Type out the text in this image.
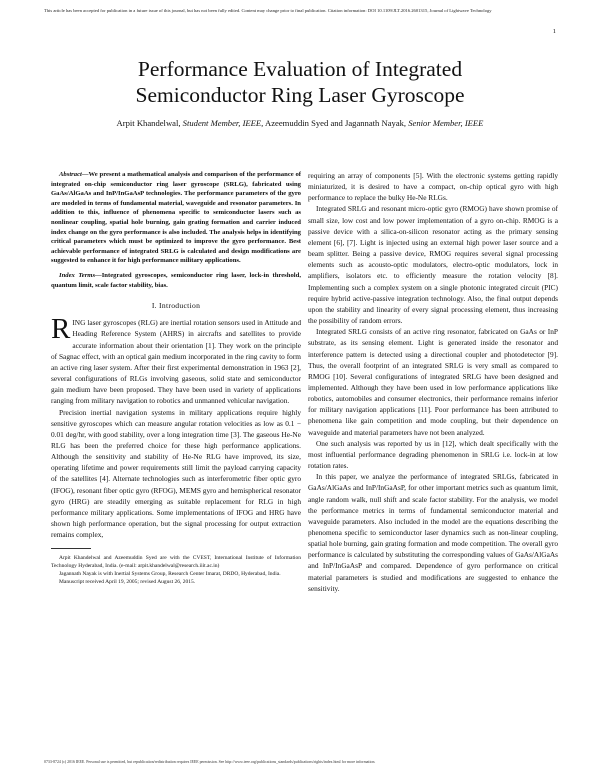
This article has been accepted for publication in a future issue of this journal, but has not been fully edited. Content may change prior to final publication. Citation information: DOI 10.1109/JLT.2016.2601315, Journal of Lightwave Technology
1
Performance Evaluation of Integrated
Semiconductor Ring Laser Gyroscope
Arpit Khandelwal, Student Member, IEEE, Azeemuddin Syed and Jagannath Nayak, Senior Member, IEEE

Abstract—We present a mathematical analysis and comparison of the performance of integrated on-chip semiconductor ring laser gyroscope (SRLG), fabricated using GaAs/AlGaAs and InP/InGaAsP technologies. The performance parameters of the gyro are modeled in terms of fundamental material, waveguide and resonator parameters. In addition to this, influence of phenomena specific to semiconductor lasers such as nonlinear coupling, spatial hole burning, gain grating formation and carrier induced index change on the gyro performance is also included. The analysis helps in identifying critical parameters which must be optimized to improve the gyro performance. Best achievable performance of integrated SRLG is calculated and design modifications are suggested to enhance it for high performance military applications.

Index Terms—Integrated gyroscopes, semiconductor ring laser, lock-in threshold, quantum limit, scale factor stability, bias.

I. Introduction

RING laser gyroscopes (RLG) are inertial rotation sensors used in Attitude and Heading Reference System (AHRS) in aircrafts and satellites to provide accurate information about their orientation [1]. They work on the principle of Sagnac effect, with an optical gain medium incorporated in the ring cavity to form an active ring laser system. After their first experimental demonstration in 1963 [2], several configurations of RLGs involving gaseous, solid state and semiconductor gain medium have been proposed. They have been used in variety of applications ranging from military navigation to robotics and unmanned vehicular navigation.

Precision inertial navigation systems in military applications require highly sensitive gyroscopes which can measure angular rotation velocities as low as 0.1 − 0.01 deg/hr, with good stability, over a long integration time [3]. The gaseous He-Ne RLG has been the preferred choice for these high performance applications. Although the sensitivity and stability of He-Ne RLG have improved, its size, operating lifetime and power requirements still limit the payload carrying capacity of the satellites [4]. Alternate technologies such as interferometric fiber optic gyro (IFOG), resonant fiber optic gyro (RFOG), MEMS gyro and hemispherical resonator gyro (HRG) are steadily emerging as suitable replacement for RLG in high performance military applications. Some implementations of IFOG and HRG have shown high performance operation, but the signal processing for output extraction remains complex,

Arpit Khandelwal and Azeemuddin Syed are with the CVEST, International Institute of Information Technology Hyderabad, India. (e-mail: arpit.khandelwal@research.iiit.ac.in)

Jagannath Nayak is with Inertial Systems Group, Research Center Imarat, DRDO, Hyderabad, India.

Manuscript received April 19, 2005; revised August 26, 2015.

requiring an array of components [5]. With the electronic systems getting rapidly miniaturized, it is desired to have a compact, on-chip optical gyro with high performance to replace the bulky He-Ne RLGs.

Integrated SRLG and resonant micro-optic gyro (RMOG) have shown promise of small size, low cost and low power implementation of a gyro on-chip. RMOG is a passive device with a silica-on-silicon resonator acting as the primary sensing element [6], [7]. Light is injected using an external high power laser source and a beam splitter. Being a passive device, RMOG requires several signal processing elements such as acousto-optic modulators, electro-optic modulators, lock in amplifiers, isolators etc. to efficiently measure the rotation velocity [8]. Implementing such a complex system on a single photonic integrated circuit (PIC) require hybrid active-passive integration technology. Also, the final output depends upon the stability and linearity of every signal processing element, thus increasing the possibility of random errors.

Integrated SRLG consists of an active ring resonator, fabricated on GaAs or InP substrate, as its sensing element. Light is generated inside the resonator and interference pattern is detected using a directional coupler and photodetector [9]. Thus, the overall footprint of an integrated SRLG is very small as compared to RMOG [10]. Several configurations of integrated SRLG have been designed and implemented. Although they have been used in low performance applications like robotics, automobiles and consumer electronics, their performance remains inferior for military navigation applications [11]. Poor performance has been attributed to phenomena like gain competition and mode coupling, but their dependence on waveguide and material parameters have not been analyzed.

One such analysis was reported by us in [12], which dealt specifically with the most influential performance degrading phenomenon in SRLG i.e. lock-in at low rotation rates.

In this paper, we analyze the performance of integrated SRLGs, fabricated in GaAs/AlGaAs and InP/InGaAsP, for other important metrics such as quantum limit, angle random walk, null shift and scale factor stability. For the analysis, we model the performance metrics in terms of fundamental semiconductor material and waveguide parameters. Also included in the model are the equations describing the phenomena specific to semiconductor laser dynamics such as non-linear coupling, spatial hole burning, gain grating formation and mode competition. The overall gyro performance is calculated by substituting the corresponding values of GaAs/AlGaAs and InP/InGaAsP and compared. Dependence of gyro performance on critical material parameters is studied and modifications are suggested to enhance the sensitivity.

0733-8724 (c) 2016 IEEE. Personal use is permitted, but republication/redistribution requires IEEE permission. See http://www.ieee.org/publications_standards/publications/rights/index.html for more information.
